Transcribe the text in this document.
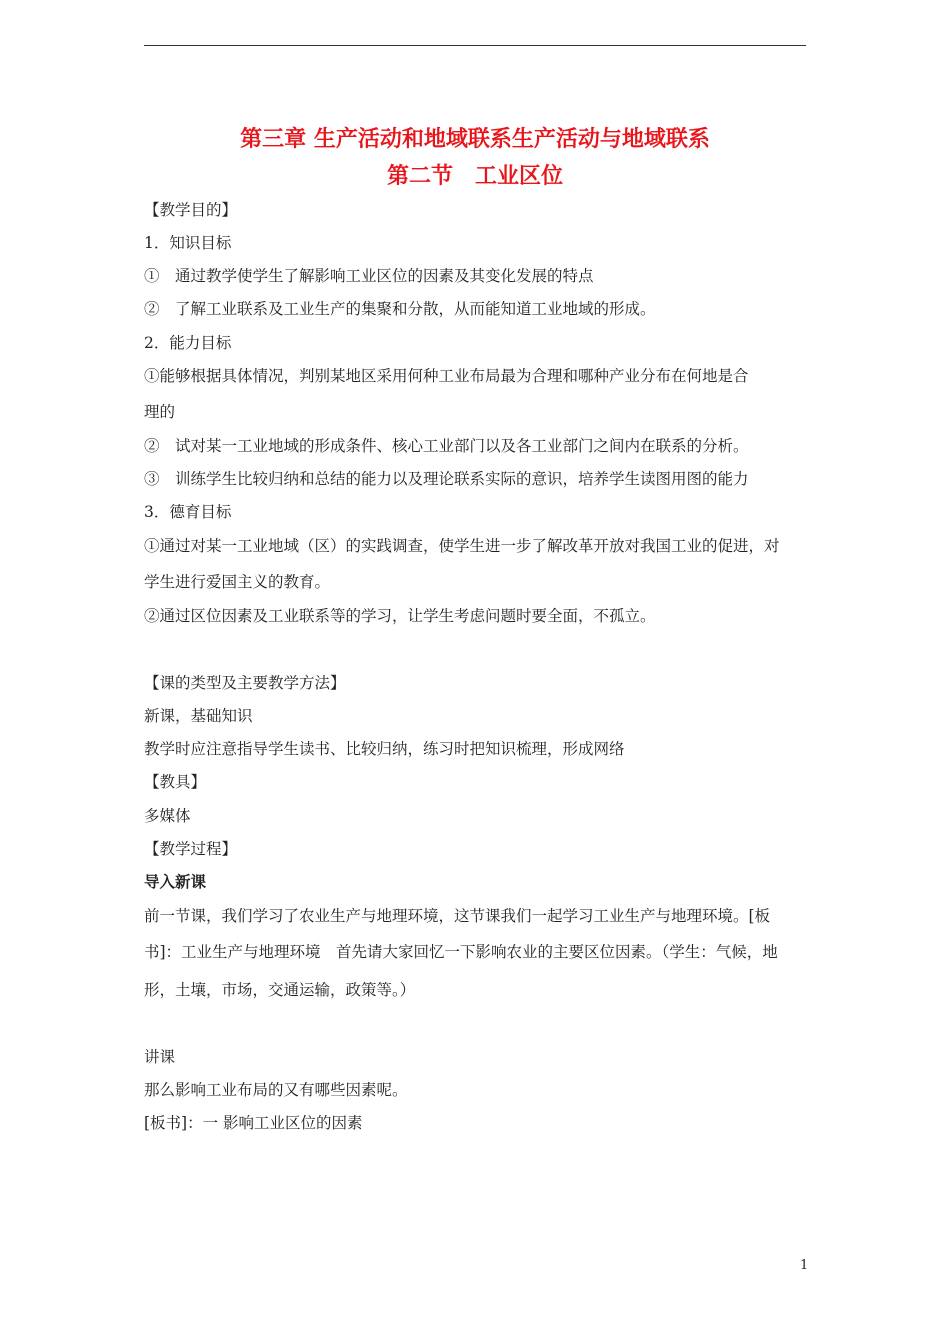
第三章 生产活动和地域联系生产活动与地域联系
第二节　工业区位
【教学目的】
1．知识目标
①　通过教学使学生了解影响工业区位的因素及其变化发展的特点
②　了解工业联系及工业生产的集聚和分散，从而能知道工业地域的形成。
2．能力目标
①能够根据具体情况，判别某地区采用何种工业布局最为合理和哪种产业分布在何地是合
理的
②　试对某一工业地域的形成条件、核心工业部门以及各工业部门之间内在联系的分析。
③　训练学生比较归纳和总结的能力以及理论联系实际的意识，培养学生读图用图的能力
3．德育目标
①通过对某一工业地域（区）的实践调查，使学生进一步了解改革开放对我国工业的促进，对
学生进行爱国主义的教育。
②通过区位因素及工业联系等的学习，让学生考虑问题时要全面，不孤立。
【课的类型及主要教学方法】
新课，基础知识
教学时应注意指导学生读书、比较归纳，练习时把知识梳理，形成网络
【教具】
多媒体
【教学过程】
导入新课
前一节课，我们学习了农业生产与地理环境，这节课我们一起学习工业生产与地理环境。[板
书]：工业生产与地理环境　首先请大家回忆一下影响农业的主要区位因素。（学生：气候，地
形，土壤，市场，交通运输，政策等。）
讲课
那么影响工业布局的又有哪些因素呢。
[板书]：一 影响工业区位的因素
1
